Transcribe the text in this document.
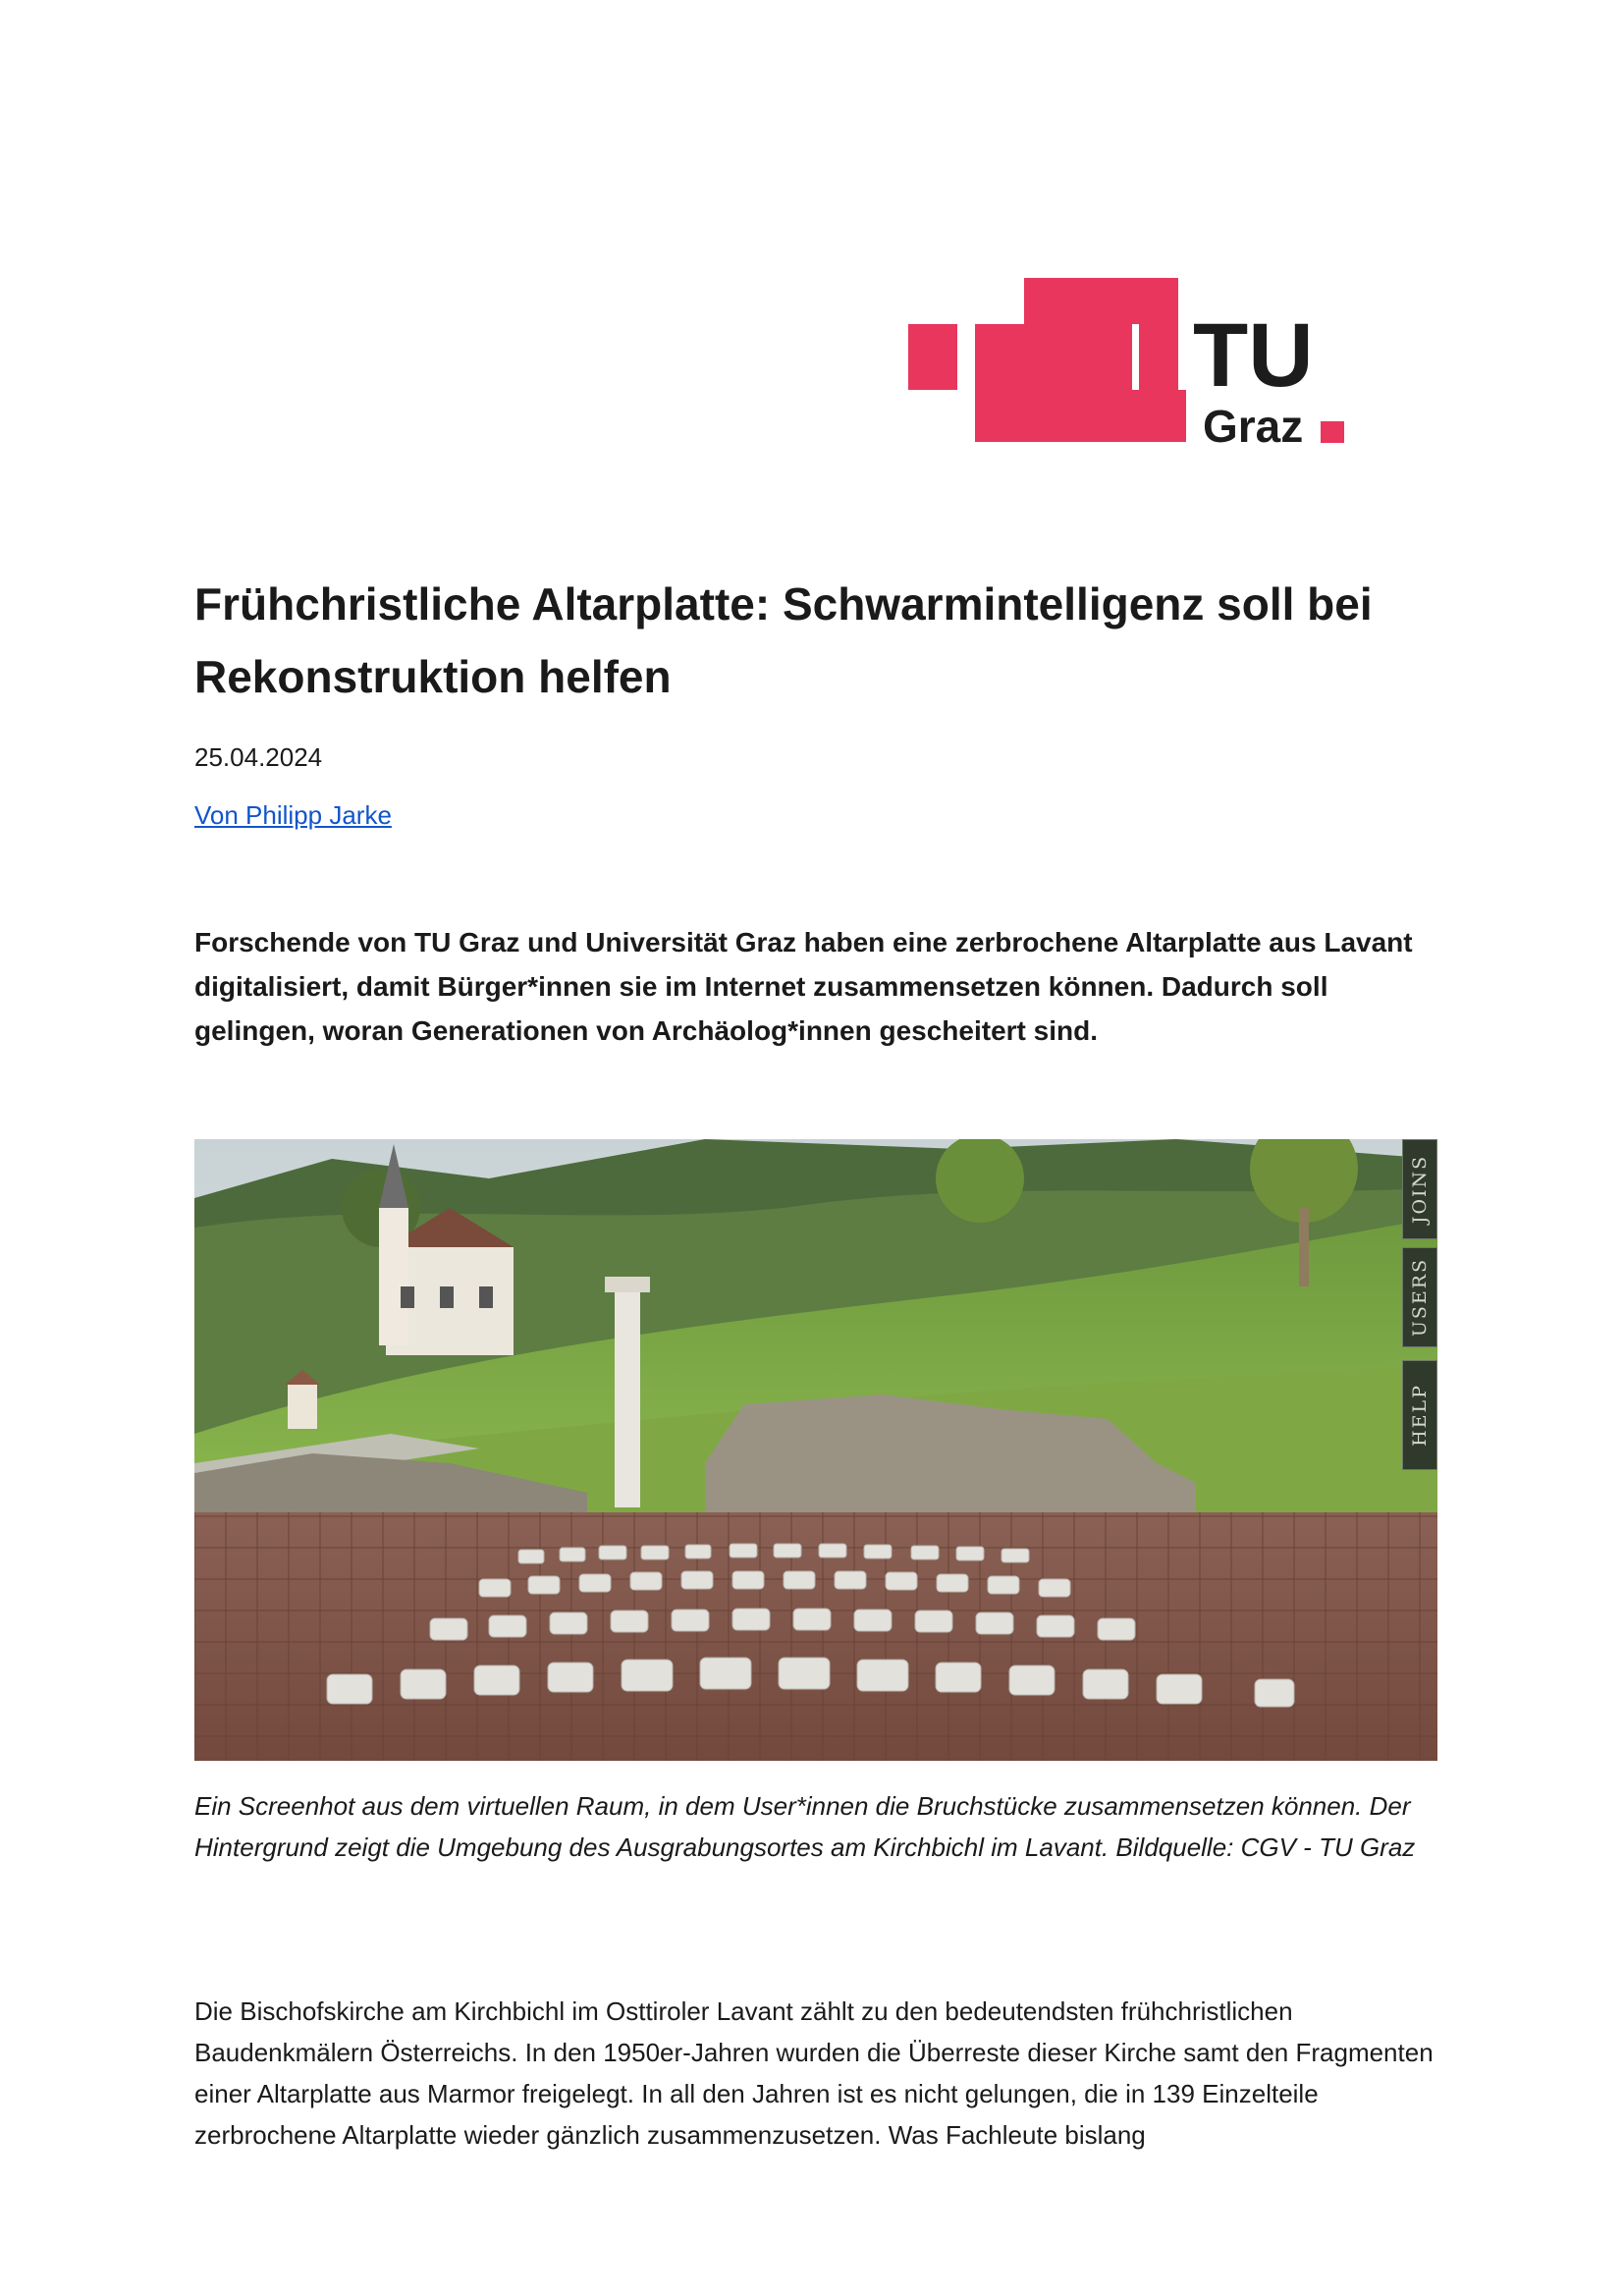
TU
Graz
Frühchristliche Altarplatte: Schwarmintelligenz soll bei Rekonstruktion helfen
25.04.2024
Von Philipp Jarke

Forschende von TU Graz und Universität Graz haben eine zerbrochene Altarplatte aus Lavant digitalisiert, damit Bürger*innen sie im Internet zusammensetzen können. Dadurch soll gelingen, woran Generationen von Archäolog*innen gescheitert sind.

JOINS
USERS
HELP

Ein Screenhot aus dem virtuellen Raum, in dem User*innen die Bruchstücke zusammensetzen können. Der Hintergrund zeigt die Umgebung des Ausgrabungsortes am Kirchbichl im Lavant. Bildquelle: CGV - TU Graz

Die Bischofskirche am Kirchbichl im Osttiroler Lavant zählt zu den bedeutendsten frühchristlichen Baudenkmälern Österreichs. In den 1950er-Jahren wurden die Überreste dieser Kirche samt den Fragmenten einer Altarplatte aus Marmor freigelegt. In all den Jahren ist es nicht gelungen, die in 139 Einzelteile zerbrochene Altarplatte wieder gänzlich zusammenzusetzen. Was Fachleute bislang
